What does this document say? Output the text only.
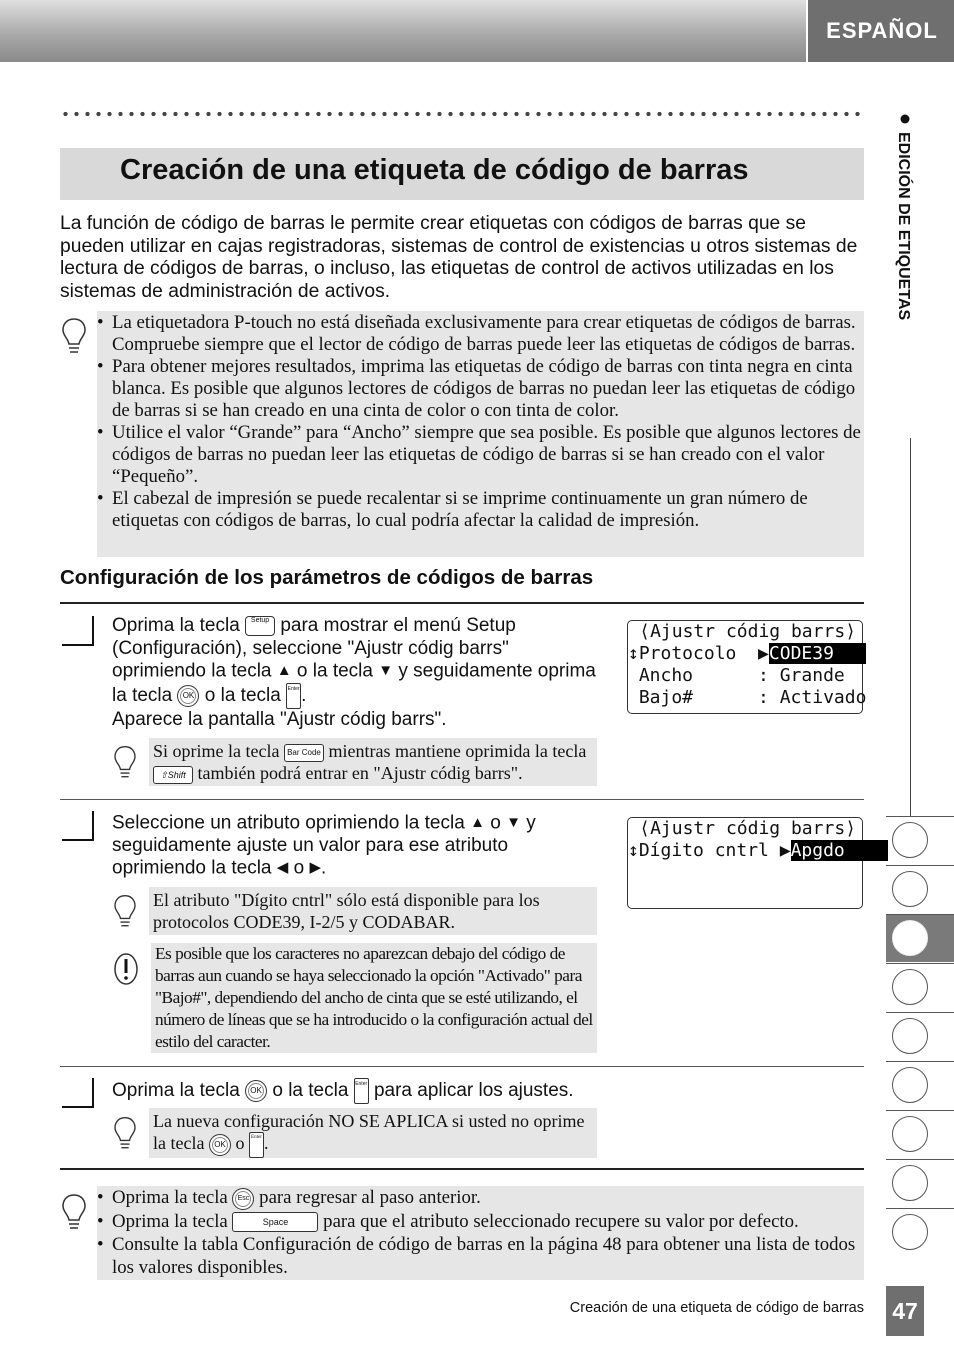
ESPAÑOL
Creación de una etiqueta de código de barras
La función de código de barras le permite crear etiquetas con códigos de barras que se pueden utilizar en cajas registradoras, sistemas de control de existencias u otros sistemas de lectura de códigos de barras, o incluso, las etiquetas de control de activos utilizadas en los sistemas de administración de activos.
• La etiquetadora P-touch no está diseñada exclusivamente para crear etiquetas de códigos de barras. Compruebe siempre que el lector de código de barras puede leer las etiquetas de códigos de barras.
• Para obtener mejores resultados, imprima las etiquetas de código de barras con tinta negra en cinta blanca. Es posible que algunos lectores de códigos de barras no puedan leer las etiquetas de código de barras si se han creado en una cinta de color o con tinta de color.
• Utilice el valor “Grande” para “Ancho” siempre que sea posible. Es posible que algunos lectores de códigos de barras no puedan leer las etiquetas de código de barras si se han creado con el valor “Pequeño”.
• El cabezal de impresión se puede recalentar si se imprime continuamente un gran número de etiquetas con códigos de barras, lo cual podría afectar la calidad de impresión.
Configuración de los parámetros de códigos de barras
Oprima la tecla Setup para mostrar el menú Setup (Configuración), seleccione "Ajustr códig barrs" oprimiendo la tecla ▲ o la tecla ▼ y seguidamente oprima la tecla OK o la tecla Enter.
Aparece la pantalla "Ajustr códig barrs".
⟨Ajustr códig barrs⟩
↕Protocolo  ▶CODE39
Ancho      : Grande
Bajo#      : Activado
Si oprime la tecla Bar Code mientras mantiene oprimida la tecla ⇧Shift también podrá entrar en "Ajustr códig barrs".
Seleccione un atributo oprimiendo la tecla ▲ o ▼ y seguidamente ajuste un valor para ese atributo oprimiendo la tecla ◀ o ▶.
⟨Ajustr códig barrs⟩
↕Dígito cntrl ▶Apgdo
El atributo "Dígito cntrl" sólo está disponible para los protocolos CODE39, I-2/5 y CODABAR.
Es posible que los caracteres no aparezcan debajo del código de barras aun cuando se haya seleccionado la opción "Activado" para "Bajo#", dependiendo del ancho de cinta que se esté utilizando, el número de líneas que se ha introducido o la configuración actual del estilo del caracter.
Oprima la tecla OK o la tecla Enter para aplicar los ajustes.
La nueva configuración NO SE APLICA si usted no oprime la tecla OK o Enter .
• Oprima la tecla Esc para regresar al paso anterior.
• Oprima la tecla	Space para que el atributo seleccionado recupere su valor por defecto.
• Consulte la tabla Configuración de código de barras en la página 48 para obtener una lista de todos los valores disponibles.
EDICIÓN DE ETIQUETAS
47
Creación de una etiqueta de código de barras
